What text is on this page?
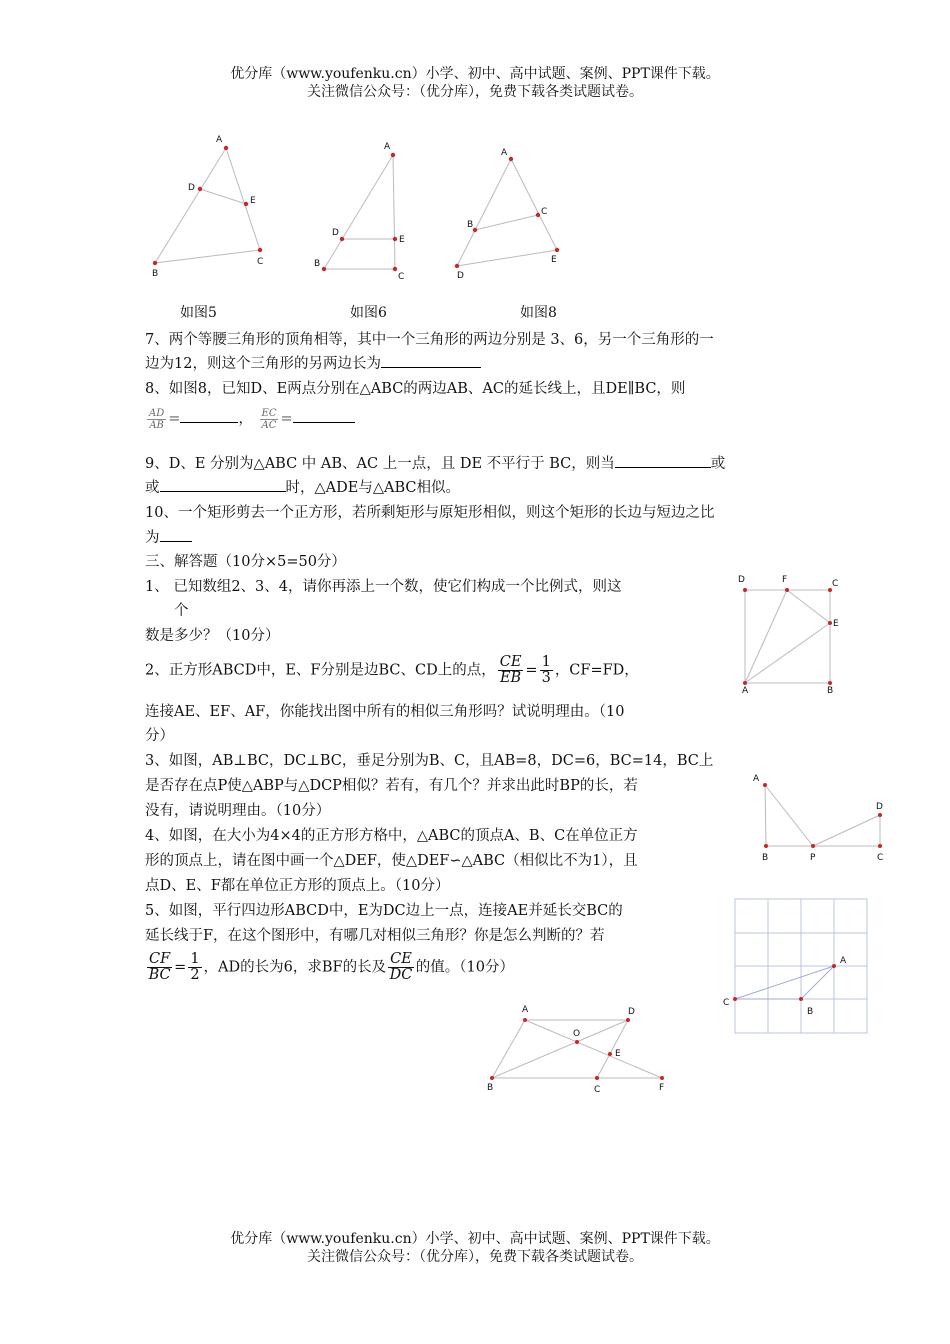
优分库（www.youfenku.cn）小学、初中、高中试题、案例、PPT课件下载。
关注微信公众号：（优分库），免费下载各类试题试卷。
A
D
E
B
C
A
D
E
B
C
A
B
C
D
E
如图5	如图6	如图8
7、两个等腰三角形的顶角相等，其中一个三角形的两边分别是 3、6，另一个三角形的一
边为12，则这个三角形的另两边长为
8、如图8，已知D、E两点分别在△ABC的两边AB、AC的延长线上，且DE∥BC，则
$\frac{AD}{AB}$ =	， $\frac{EC}{AC}$ =
9、D、E 分别为△ABC 中 AB、AC 上一点，且 DE 不平行于 BC，则当	或
或	时，△ADE与△ABC相似。
10、一个矩形剪去一个正方形，若所剩矩形与原矩形相似，则这个矩形的长边与短边之比
为
三、解答题（10分×5=50分）
1、 已知数组2、3、4，请你再添上一个数，使它们构成一个比例式，则这
个
数是多少？（10分）
2、正方形ABCD中，E、F分别是边BC、CD上的点， $\frac{CE}{EB} = \frac{1}{3}$ ，CF=FD，
连接AE、EF、AF，你能找出图中所有的相似三角形吗？试说明理由。（10
分）
3、如图，AB⊥BC，DC⊥BC，垂足分别为B、C，且AB=8，DC=6，BC=14，BC上
是否存在点P使△ABP与△DCP相似？若有，有几个？并求出此时BP的长，若
没有，请说明理由。（10分）
4、如图，在大小为4×4的正方形方格中，△ABC的顶点A、B、C在单位正方
形的顶点上，请在图中画一个△DEF，使△DEF∽△ABC（相似比不为1），且
点D、E、F都在单位正方形的顶点上。（10分）
5、如图，平行四边形ABCD中，E为DC边上一点，连接AE并延长交BC的
延长线于F，在这个图形中，有哪几对相似三角形？你是怎么判断的？若
$\frac{CF}{BC} = \frac{1}{2}$ ，AD的长为6，求BF的长及 $\frac{CE}{DC}$ 的值。（10分）
D	F	C
E
A	B
A
D
B	P	C
A
C
B
A	D
O
E
B	C	F
优分库（www.youfenku.cn）小学、初中、高中试题、案例、PPT课件下载。
关注微信公众号：（优分库），免费下载各类试题试卷。
